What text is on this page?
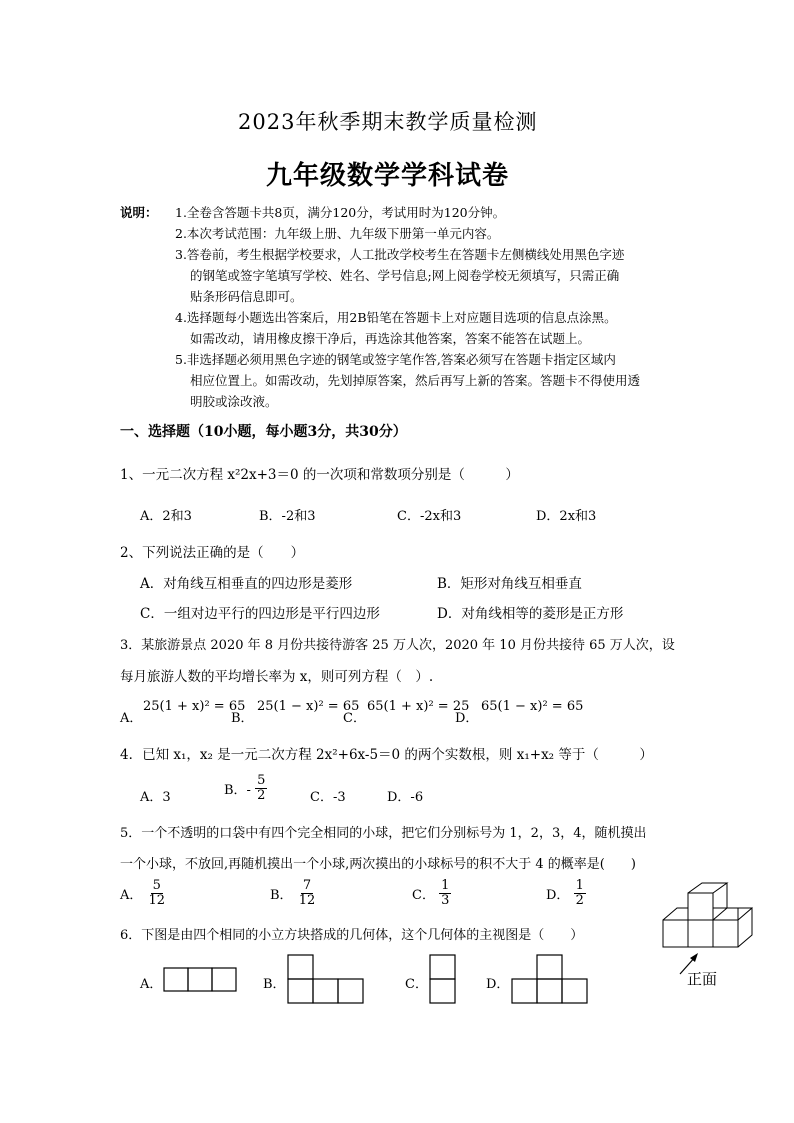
2023年秋季期末教学质量检测
九年级数学学科试卷
说明： 1.全卷含答题卡共8页，满分120分，考试用时为120分钟。
2.本次考试范围：九年级上册、九年级下册第一单元内容。
3.答卷前，考生根据学校要求，人工批改学校考生在答题卡左侧横线处用黑色字迹
的钢笔或签字笔填写学校、姓名、学号信息;网上阅卷学校无须填写，只需正确
贴条形码信息即可。
4.选择题每小题选出答案后，用2B铅笔在答题卡上对应题目选项的信息点涂黑。
如需改动，请用橡皮擦干净后，再选涂其他答案，答案不能答在试题上。
5.非选择题必须用黑色字迹的钢笔或签字笔作答,答案必须写在答题卡指定区域内
相应位置上。如需改动，先划掉原答案，然后再写上新的答案。答题卡不得使用透
明胶或涂改液。
一、选择题（10小题，每小题3分，共30分）
1、一元二次方程 x²2x+3＝0 的一次项和常数项分别是（　　　）
A．2和3	B．-2和3	C．-2x和3	D．2x和3
2、下列说法正确的是（　　）
A．对角线互相垂直的四边形是菱形	B．矩形对角线互相垂直
C．一组对边平行的四边形是平行四边形	D．对角线相等的菱形是正方形
3．某旅游景点 2020 年 8 月份共接待游客 25 万人次，2020 年 10 月份共接待 65 万人次，设
每月旅游人数的平均增长率为 x，则可列方程（　）.
A．
25(1 + x)² = 65
B．
25(1 − x)² = 65
C．
65(1 + x)² = 25
D．
65(1 − x)² = 65
4．已知 x₁，x₂ 是一元二次方程 2x²+6x-5＝0 的两个实数根，则 x₁+x₂ 等于（　　　）
A．3	B．- $\frac{5}{2}$	C．-3	D．-6
5．一个不透明的口袋中有四个完全相同的小球，把它们分别标号为 1，2，3，4，随机摸出
一个小球，不放回,再随机摸出一个小球,两次摸出的小球标号的积不大于 4 的概率是(　　)
A． $\frac{5}{12}$	B． $\frac{7}{12}$	C． $\frac{1}{3}$	D． $\frac{1}{2}$
6．下图是由四个相同的小立方块搭成的几何体，这个几何体的主视图是（　　）
正面
A．	B．	C．	D．
